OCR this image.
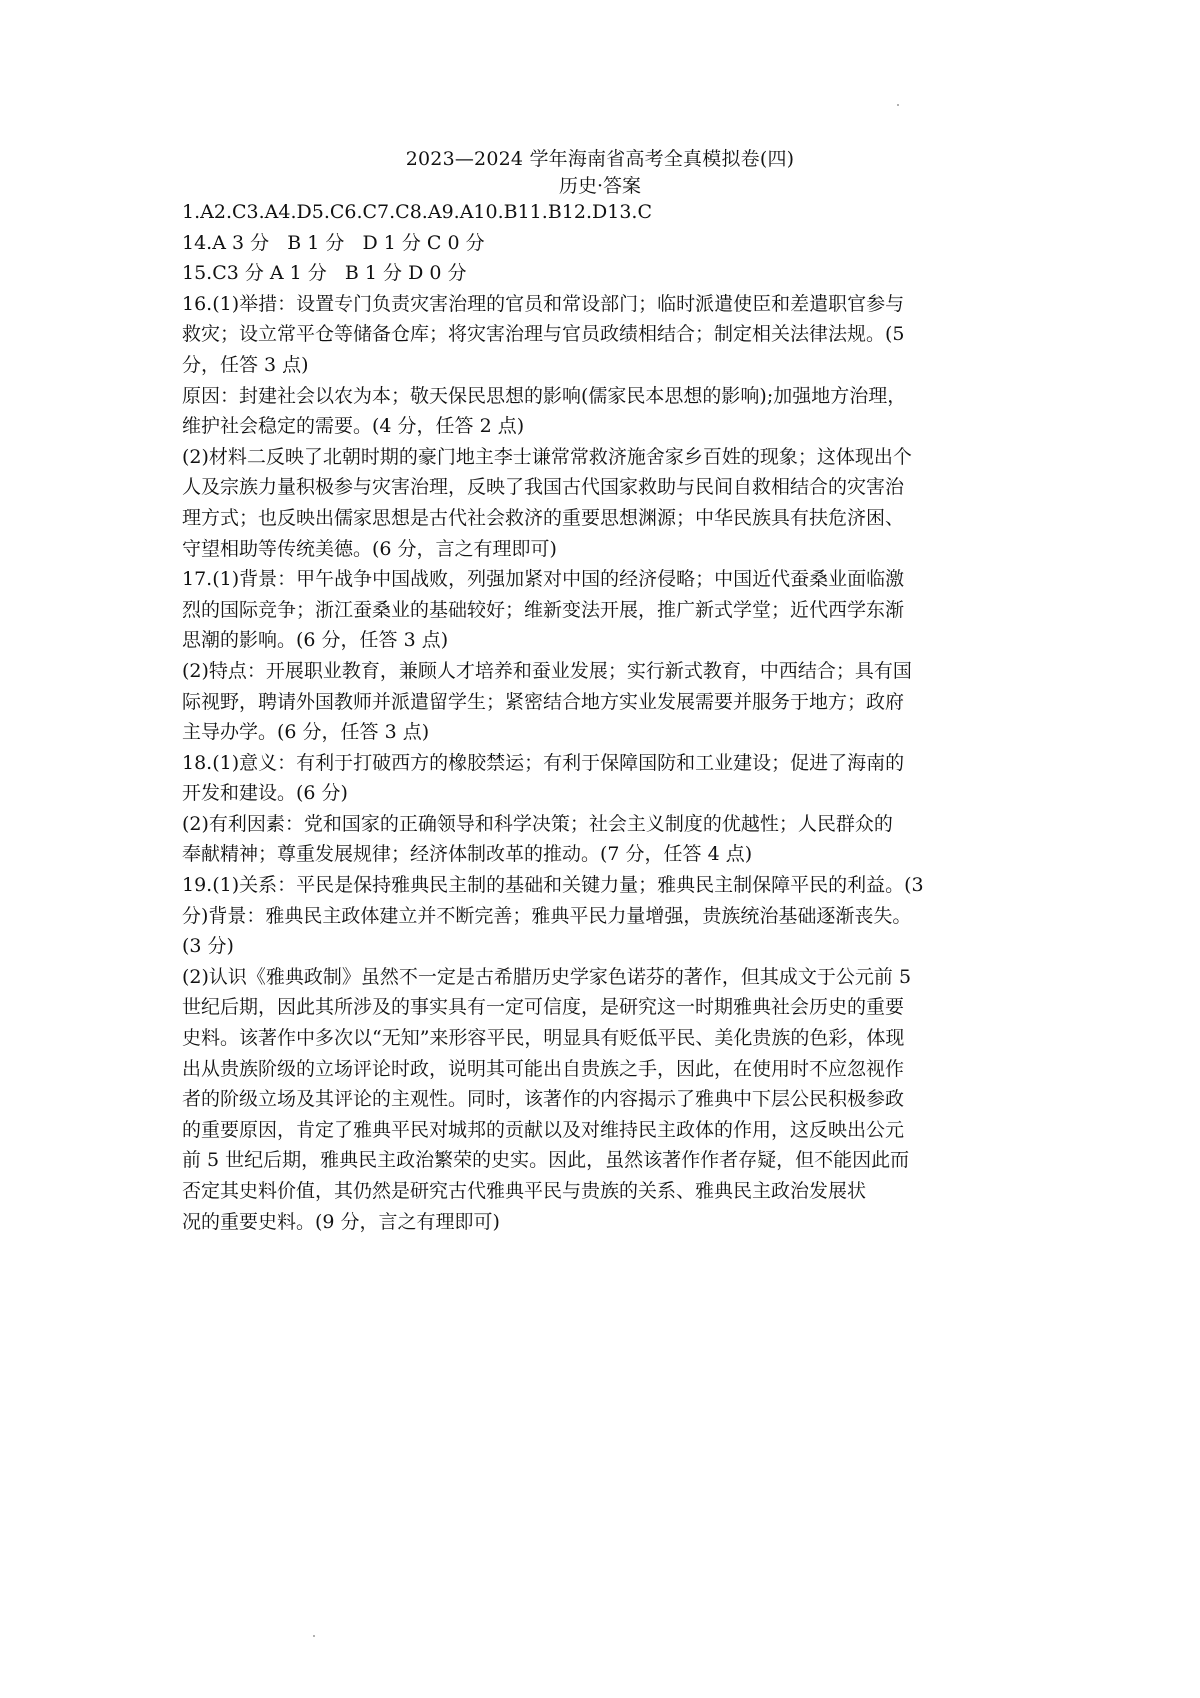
2023—2024 学年海南省高考全真模拟卷(四)
历史·答案
1.A2.C3.A4.D5.C6.C7.C8.A9.A10.B11.B12.D13.C
14.A 3 分   B 1 分   D 1 分 C 0 分
15.C3 分 A 1 分   B 1 分 D 0 分
16.(1)举措：设置专门负责灾害治理的官员和常设部门；临时派遣使臣和差遣职官参与
救灾；设立常平仓等储备仓库；将灾害治理与官员政绩相结合；制定相关法律法规。(5
分，任答 3 点)
原因：封建社会以农为本；敬天保民思想的影响(儒家民本思想的影响);加强地方治理，
维护社会稳定的需要。(4 分，任答 2 点)
(2)材料二反映了北朝时期的豪门地主李士谦常常救济施舍家乡百姓的现象；这体现出个
人及宗族力量积极参与灾害治理，反映了我国古代国家救助与民间自救相结合的灾害治
理方式；也反映出儒家思想是古代社会救济的重要思想渊源；中华民族具有扶危济困、
守望相助等传统美德。(6 分，言之有理即可)
17.(1)背景：甲午战争中国战败，列强加紧对中国的经济侵略；中国近代蚕桑业面临激
烈的国际竞争；浙江蚕桑业的基础较好；维新变法开展，推广新式学堂；近代西学东渐
思潮的影响。(6 分，任答 3 点)
(2)特点：开展职业教育，兼顾人才培养和蚕业发展；实行新式教育，中西结合；具有国
际视野，聘请外国教师并派遣留学生；紧密结合地方实业发展需要并服务于地方；政府
主导办学。(6 分，任答 3 点)
18.(1)意义：有利于打破西方的橡胶禁运；有利于保障国防和工业建设；促进了海南的
开发和建设。(6 分)
(2)有利因素：党和国家的正确领导和科学决策；社会主义制度的优越性；人民群众的
奉献精神；尊重发展规律；经济体制改革的推动。(7 分，任答 4 点)
19.(1)关系：平民是保持雅典民主制的基础和关键力量；雅典民主制保障平民的利益。(3
分)背景：雅典民主政体建立并不断完善；雅典平民力量增强，贵族统治基础逐渐丧失。
(3 分)
(2)认识《雅典政制》虽然不一定是古希腊历史学家色诺芬的著作，但其成文于公元前 5
世纪后期，因此其所涉及的事实具有一定可信度，是研究这一时期雅典社会历史的重要
史料。该著作中多次以“无知”来形容平民，明显具有贬低平民、美化贵族的色彩，体现
出从贵族阶级的立场评论时政，说明其可能出自贵族之手，因此，在使用时不应忽视作
者的阶级立场及其评论的主观性。同时，该著作的内容揭示了雅典中下层公民积极参政
的重要原因，肯定了雅典平民对城邦的贡献以及对维持民主政体的作用，这反映出公元
前 5 世纪后期，雅典民主政治繁荣的史实。因此，虽然该著作作者存疑，但不能因此而
否定其史料价值，其仍然是研究古代雅典平民与贵族的关系、雅典民主政治发展状
况的重要史料。(9 分，言之有理即可)
